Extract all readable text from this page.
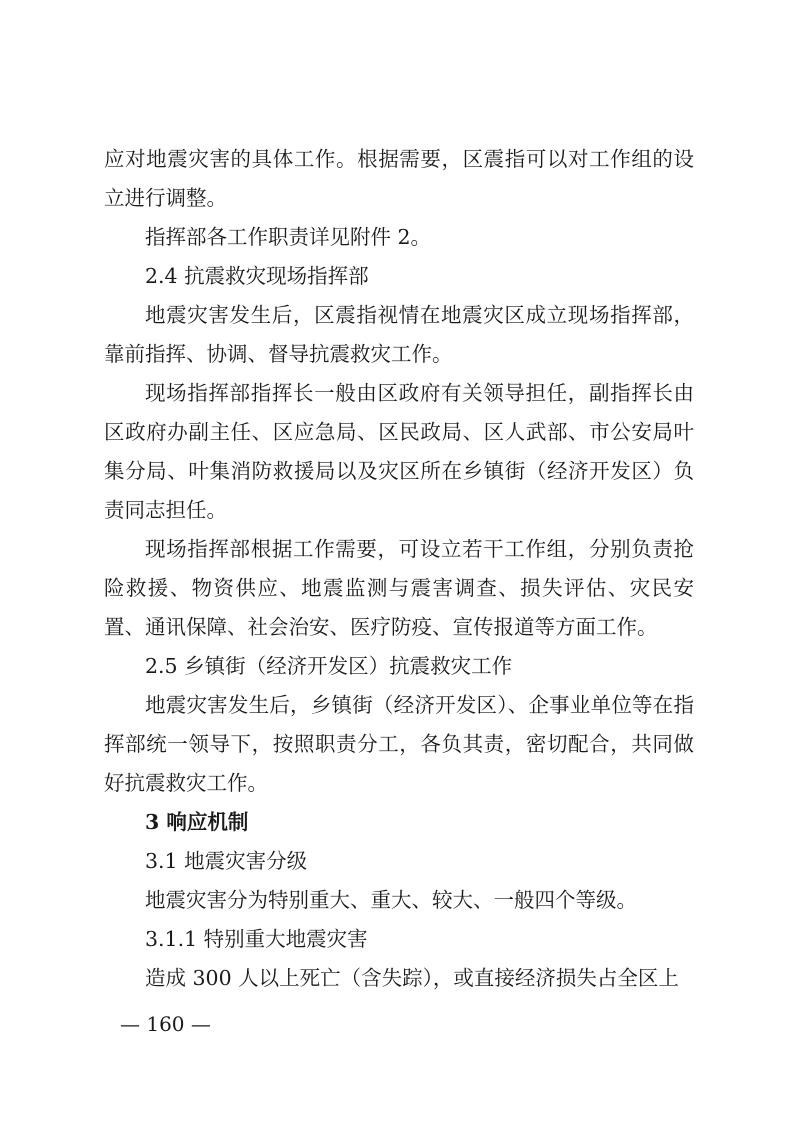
应对地震灾害的具体工作。根据需要，区震指可以对工作组的设立进行调整。

指挥部各工作职责详见附件 2。

2.4 抗震救灾现场指挥部

地震灾害发生后，区震指视情在地震灾区成立现场指挥部，靠前指挥、协调、督导抗震救灾工作。

现场指挥部指挥长一般由区政府有关领导担任，副指挥长由区政府办副主任、区应急局、区民政局、区人武部、市公安局叶集分局、叶集消防救援局以及灾区所在乡镇街（经济开发区）负责同志担任。

现场指挥部根据工作需要，可设立若干工作组，分别负责抢险救援、物资供应、地震监测与震害调查、损失评估、灾民安置、通讯保障、社会治安、医疗防疫、宣传报道等方面工作。

2.5 乡镇街（经济开发区）抗震救灾工作

地震灾害发生后，乡镇街（经济开发区）、企事业单位等在指挥部统一领导下，按照职责分工，各负其责，密切配合，共同做好抗震救灾工作。

3 响应机制
3.1 地震灾害分级

地震灾害分为特别重大、重大、较大、一般四个等级。

3.1.1 特别重大地震灾害

造成 300 人以上死亡（含失踪），或直接经济损失占全区上

— 160 —
